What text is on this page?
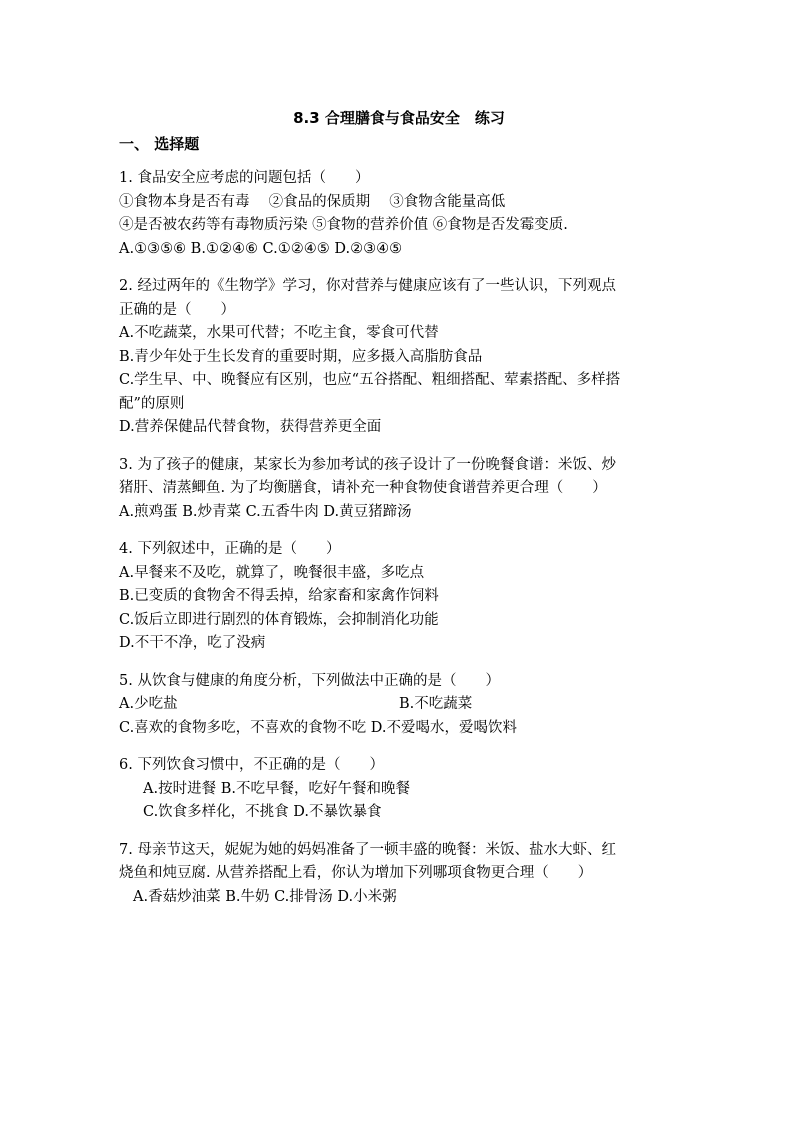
8.3 合理膳食与食品安全　练习
一、 选择题
1. 食品安全应考虑的问题包括（　　）
①食物本身是否有毒　 ②食品的保质期　 ③食物含能量高低
④是否被农药等有毒物质污染 ⑤食物的营养价值 ⑥食物是否发霉变质.
A.①③⑤⑥ B.①②④⑥ C.①②④⑤ D.②③④⑤
2. 经过两年的《生物学》学习，你对营养与健康应该有了一些认识，下列观点
正确的是（　　）
A.不吃蔬菜，水果可代替；不吃主食，零食可代替
B.青少年处于生长发育的重要时期，应多摄入高脂肪食品
C.学生早、中、晚餐应有区别，也应“五谷搭配、粗细搭配、荤素搭配、多样搭
配”的原则
D.营养保健品代替食物，获得营养更全面
3. 为了孩子的健康，某家长为参加考试的孩子设计了一份晚餐食谱：米饭、炒
猪肝、清蒸鲫鱼. 为了均衡膳食，请补充一种食物使食谱营养更合理（　　）
A.煎鸡蛋 B.炒青菜 C.五香牛肉 D.黄豆猪蹄汤
4. 下列叙述中，正确的是（　　）
A.早餐来不及吃，就算了，晚餐很丰盛，多吃点
B.已变质的食物舍不得丢掉，给家畜和家禽作饲料
C.饭后立即进行剧烈的体育锻炼，会抑制消化功能
D.不干不净，吃了没病
5. 从饮食与健康的角度分析，下列做法中正确的是（　　）
A.少吃盐	B.不吃蔬菜
C.喜欢的食物多吃，不喜欢的食物不吃 D.不爱喝水，爱喝饮料
6. 下列饮食习惯中，不正确的是（　　）
A.按时进餐 B.不吃早餐，吃好午餐和晚餐
C.饮食多样化，不挑食 D.不暴饮暴食
7. 母亲节这天，妮妮为她的妈妈准备了一顿丰盛的晚餐：米饭、盐水大虾、红
烧鱼和炖豆腐. 从营养搭配上看，你认为增加下列哪项食物更合理（　　）
A.香菇炒油菜 B.牛奶 C.排骨汤 D.小米粥
